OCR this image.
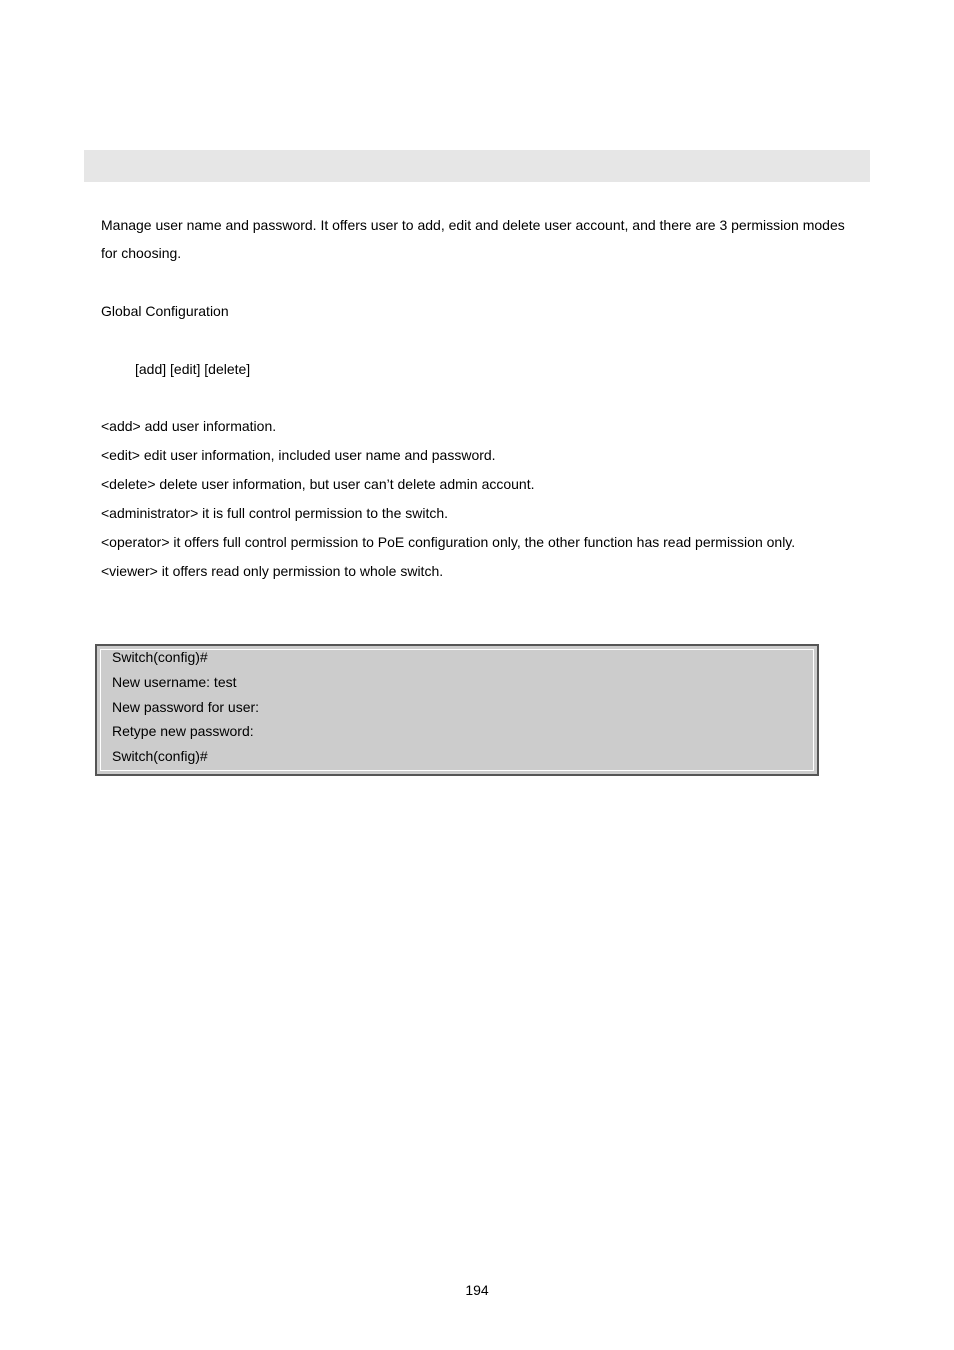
Manage user name and password. It offers user to add, edit and delete user account, and there are 3 permission modes
for choosing.
Global Configuration
[add] [edit] [delete]
<add> add user information.
<edit> edit user information, included user name and password.
<delete> delete user information, but user can’t delete admin account.
<administrator> it is full control permission to the switch.
<operator> it offers full control permission to PoE configuration only, the other function has read permission only.
<viewer> it offers read only permission to whole switch.
Switch(config)#
New username: test
New password for user:
Retype new password:
Switch(config)#
194
